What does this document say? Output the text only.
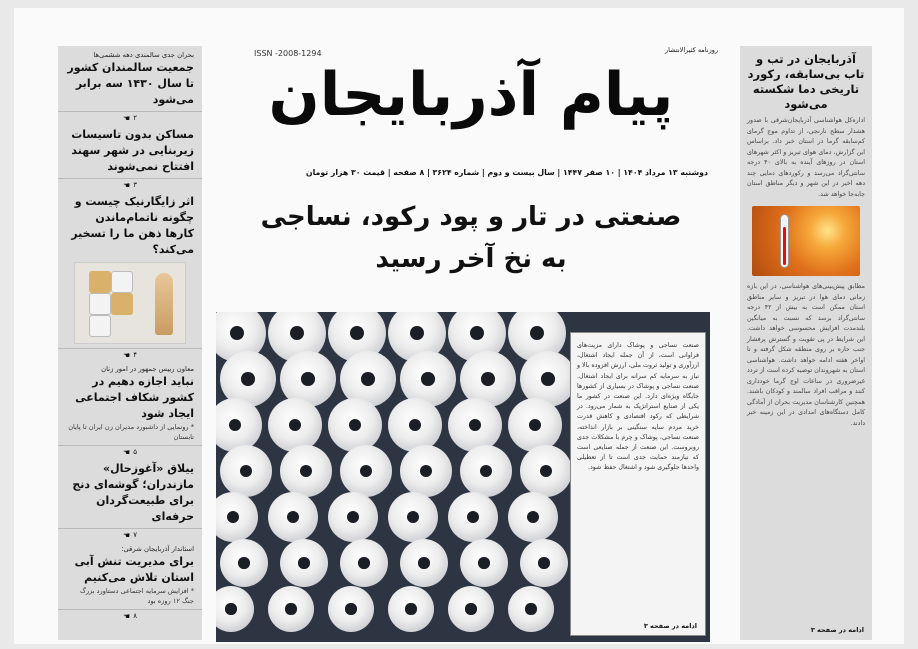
بحران جدی سالمندی دهه ششمی‌ها
جمعیت سالمندان کشور تا سال ۱۴۳۰ سه برابر می‌شود
۲
☚
مساکن بدون تاسیسات زیربنایی در شهر سهند افتتاح نمی‌شوند
۳
☚
اثر زایگارنیک چیست و چگونه ناتمام‌ماندن کارها ذهن ما را تسخیر می‌کند؟
۴
☚
معاون رییس جمهور در امور زنان
نباید اجازه دهیم در کشور شکاف اجتماعی ایجاد شود
* رونمایی از داشبورد مدیران زن ایران تا پایان تابستان
۵
☚
ییلاق «آغوزحال» مازندران؛ گوشه‌ای دنج برای طبیعت‌گردان حرفه‌ای
۷
☚
استاندار آذربایجان شرقی:
برای مدیریت تنش آبی استان تلاش می‌کنیم
* افزایش سرمایه اجتماعی دستاورد بزرگ جنگ ۱۲ روزه بود
۸
☚
روزنامه کثیرالانتشار
ISSN -2008-1294
پیام آذربایجان
دوشنبه ۱۳ مرداد ۱۴۰۴ | ۱۰ صفر ۱۴۴۷ | سال بیست و دوم | شماره ۳۶۲۴ | ۸ صفحه | قیمت ۳۰ هزار تومان
صنعتی در تار و پود رکود، نساجی
به نخ آخر رسید

صنعت نساجی و پوشاک دارای مزیت‌های فراوانی است، از آن جمله ایجاد اشتغال، ارزآوری و تولید ثروت ملی، ارزش افزوده بالا و نیاز به سرمایه کم‌ سرانه برای ایجاد اشتغال. صنعت نساجی و پوشاک در بسیاری از کشورها جایگاه ویژه‌ای دارد. این صنعت در کشور ما یکی از صنایع استراتژیک به شمار می‌رود. در شرایطی که رکود اقتصادی و کاهش قدرت خرید مردم سایه سنگینی بر بازار انداخته، صنعت نساجی، پوشاک و چرم با مشکلات جدی روبروست. این صنعت از جمله صنایعی است که نیازمند حمایت جدی است تا از تعطیلی واحدها جلوگیری شود و اشتغال حفظ شود.

ادامه در صفحه ۳
آذربایجان در تب و تاب بی‌سابقه، رکورد تاریخی دما شکسته می‌شود
اداره‌کل هواشناسی آذربایجان‌شرقی با صدور هشدار سطح نارنجی، از تداوم موج گرمای کم‌سابقه گرما در استان خبر داد. براساس این گزارش، دمای هوای تبریز و اکثر شهرهای استان در روزهای آینده به بالای ۴۰ درجه سانتی‌گراد می‌رسد و رکوردهای دمایی چند دهه اخیر در این شهر و دیگر مناطق استان جابه‌جا خواهد شد.
مطابق پیش‌بینی‌های هواشناسی، در این بازه زمانی دمای هوا در تبریز و سایر مناطق استان ممکن است به بیش از ۴۲ درجه سانتی‌گراد برسد که نسبت به میانگین بلندمدت افزایش محسوسی خواهد داشت. این شرایط در پی تقویت و گسترش پرفشار جنب حاره بر روی منطقه شکل گرفته و تا اواخر هفته ادامه خواهد داشت. هواشناسی استان به شهروندان توصیه کرده است از تردد غیرضروری در ساعات اوج گرما خودداری کنند و مراقب افراد سالمند و کودکان باشند. همچنین کارشناسان مدیریت بحران از آمادگی کامل دستگاه‌های امدادی در این زمینه خبر دادند.
ادامه در صفحه ۳
